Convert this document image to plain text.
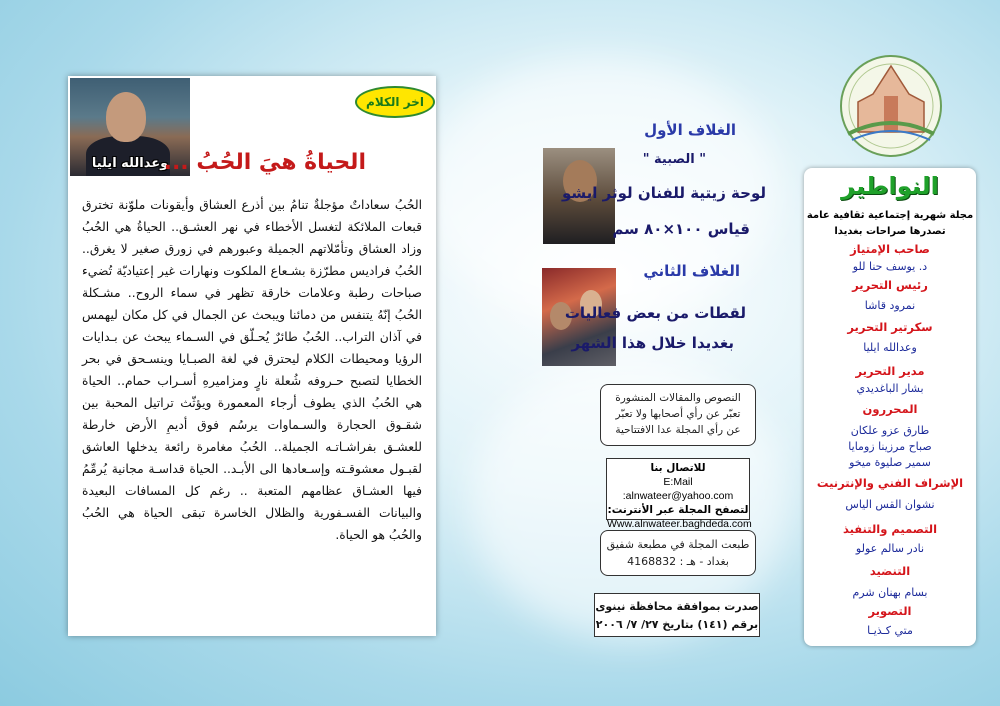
وعدالله ايليا
اخر الكلام
الحياةُ هيَ الحُبُ ...

الحُبُ سعاداتٌ مؤجلةٌ تنامُ بين أذرع العشاق وأيقونات ملوّنة تخترق قبعات الملائكة لتغسل الأخطاء في نهر العشـق.. الحياةُ هي الحُبُ وزاد العشاق وتأمّلاتهم الجميلة وعبورهم في زورق صغير لا يغرق.. الحُبُ فراديس مطرّزة بشـعاع الملكوت ونهارات غير إعتياديّة تُضيء صباحات رطبة وعلامات خارقة تظهر في سماء الروح.. مشـكلة الحُبُ إنّهُ يتنفس من دمائنا ويبحث عن الجمال في كل مكان ليهمس في آذان التراب.. الحُبُ طائرٌ يُحـلّق في السـماء يبحث عن بـدايات الرؤيا ومحيطات الكلام ليحترق في لغة الصبـايا وينسـحق في بحر الخطايا لتصبح حـروفه شُعلة نارٍ ومزاميرهِ أسـراب حمام.. الحياة هي الحُبُ الذي يطوف أرجاء المعمورة ويؤثّث تراتيل المحبة بين شقـوق الحجارة والسـماوات يرسُم فوق أديمِ الأرض خارطة للعشـق بفراشـاتـه الجميلة.. الحُبُ مغامرة رائعة يدخلها العاشق لقبـول معشوقـته وإسـعادها الى الأبـد.. الحياة قداسـة مجانية يُرمِّمُ فيها العشـاق عظامهم المتعبة .. رغم كل المسافات البعيدة والبيانات الفسـفورية والظلال الخاسرة تبقى الحياة هي الحُبُ والحُبُ هو الحياة.

الغلاف الأول
" الصبية "
لوحة زيتية للفنان لوثر ايشو
قياس ١٠٠×٨٠ سم
الغلاف الثاني
لقطات من بعض فعاليات
بغديدا خلال هذا الشهر
النصوص والمقالات المنشورة
تعبّر عن رأي أصحابها ولا تعبّر
عن رأي المجلة عدا الافتتاحية
للاتصال بنا
E:Mail :alnwateer@yahoo.com
لتصفح المجلة عبر الأنترنت:
Www.alnwateer.baghdeda.com
طبعت المجلة في مطبعة شفيق
بغداد - هـ : 4168832
صدرت بموافقة محافظة نينوى
برقم (١٤١) بتاريخ ٢٧/ ٧/ ٢٠٠٦
النواطير
مجلة شهرية إجتماعية ثقافية عامة
تصدرها صراحات بغديدا
صاحب الإمتياز
د. يوسف حنا للو
رئيس التحرير
نمرود قاشا
سكرتير التحرير
وعدالله ايليا
مدير التحرير
بشار الباغديدي
المحررون
طارق عزو علكان
صباح مرزينا زومايا
سمير صليوة ميخو
الإشراف الفني والإنترنيت
نشوان القس الياس
التصميم والتنفيذ
نادر سالم عولو
التنضيد
بسام بهنان شرم
التصوير
متي كـذيـا
